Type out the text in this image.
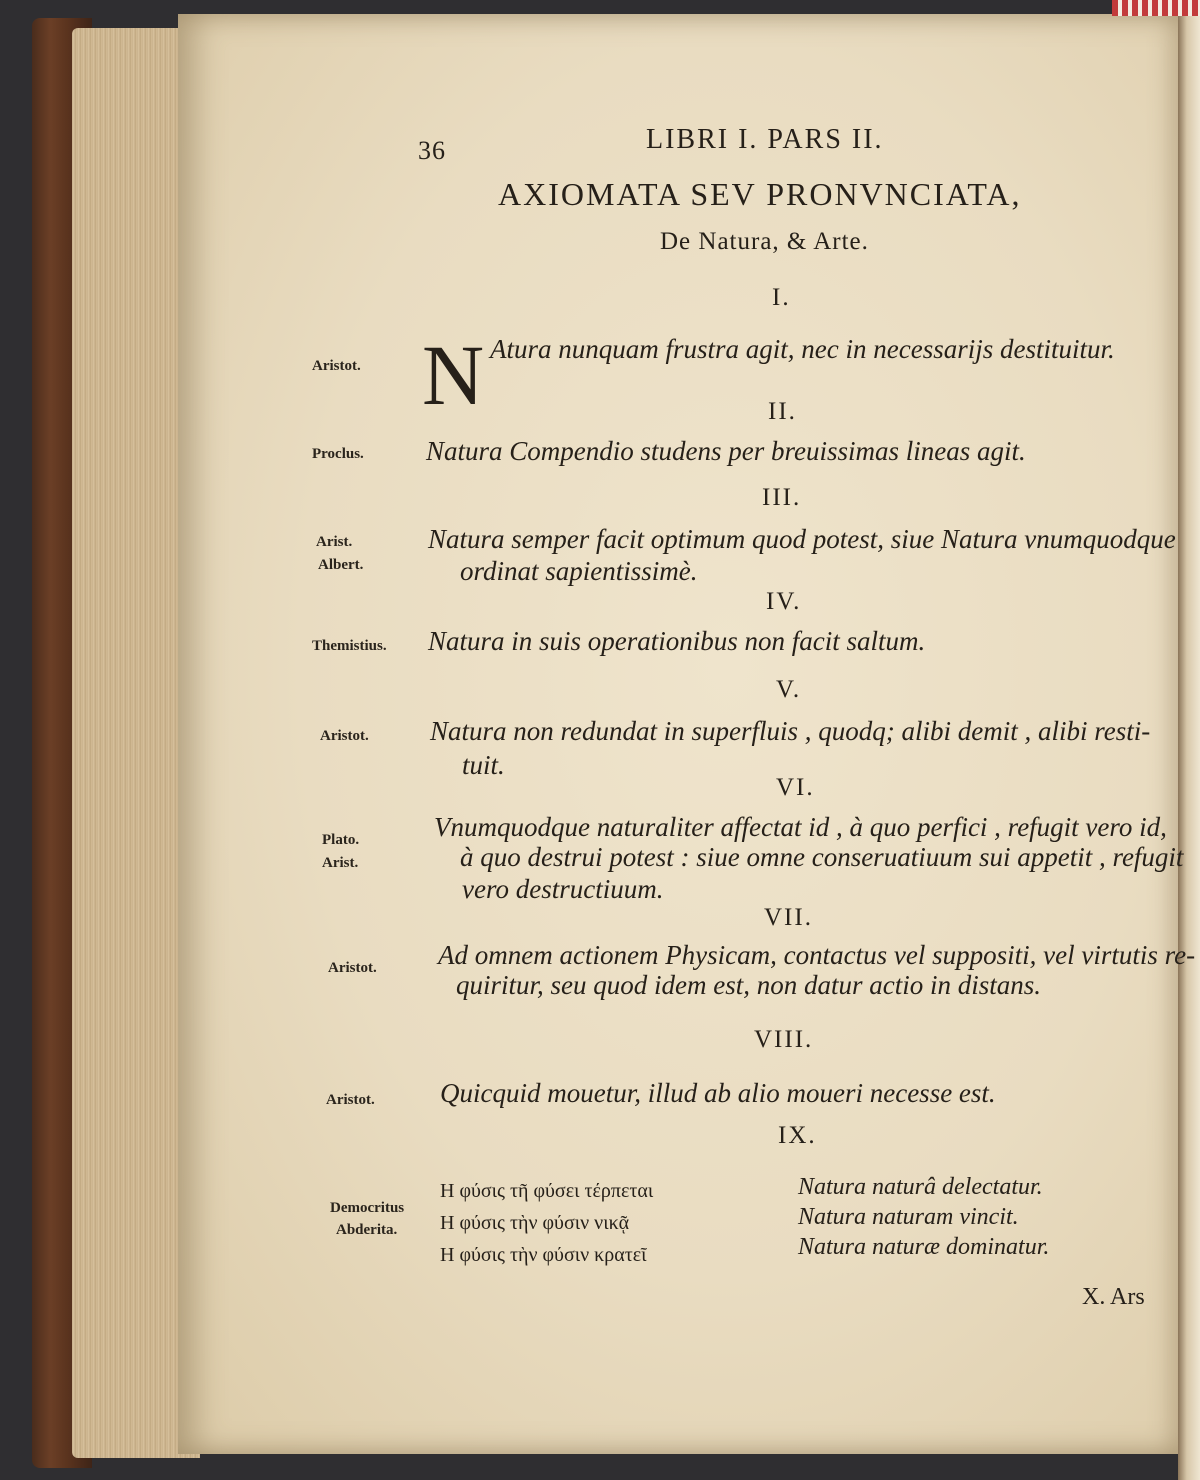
36	LIBRI I. PARS II.
AXIOMATA SEV PRONVNCIATA,
De Natura, & Arte.
I.
Aristot. N Atura nunquam frustra agit, nec in necessarijs destituitur.
II.
Proclus. Natura Compendio studens per breuissimas lineas agit.
III.
Arist.
Albert.
Natura semper facit optimum quod potest, siue Natura vnumquodque
ordinat sapientissimè.
IV.
Themistius. Natura in suis operationibus non facit saltum.
V.
Aristot. Natura non redundat in superfluis , quodq; alibi demit , alibi resti-
tuit.
VI.
Plato.
Arist.
Vnumquodque naturaliter affectat id , à quo perfici , refugit vero id,
à quo destrui potest : siue omne conseruatiuum sui appetit , refugit
vero destructiuum.
VII.
Aristot. Ad omnem actionem Physicam, contactus vel suppositi, vel virtutis re-
quiritur, seu quod idem est, non datur actio in distans.
VIII.
Aristot. Quicquid mouetur, illud ab alio moueri necesse est.
IX.
Democritus
Abderita.
Η φύσις τῆ φύσει τέρπεται
Η φύσις τὴν φύσιν νικᾷ
Η φύσις τὴν φύσιν κρατεῖ
Natura naturâ delectatur.
Natura naturam vincit.
Natura naturæ dominatur.
X. Ars
